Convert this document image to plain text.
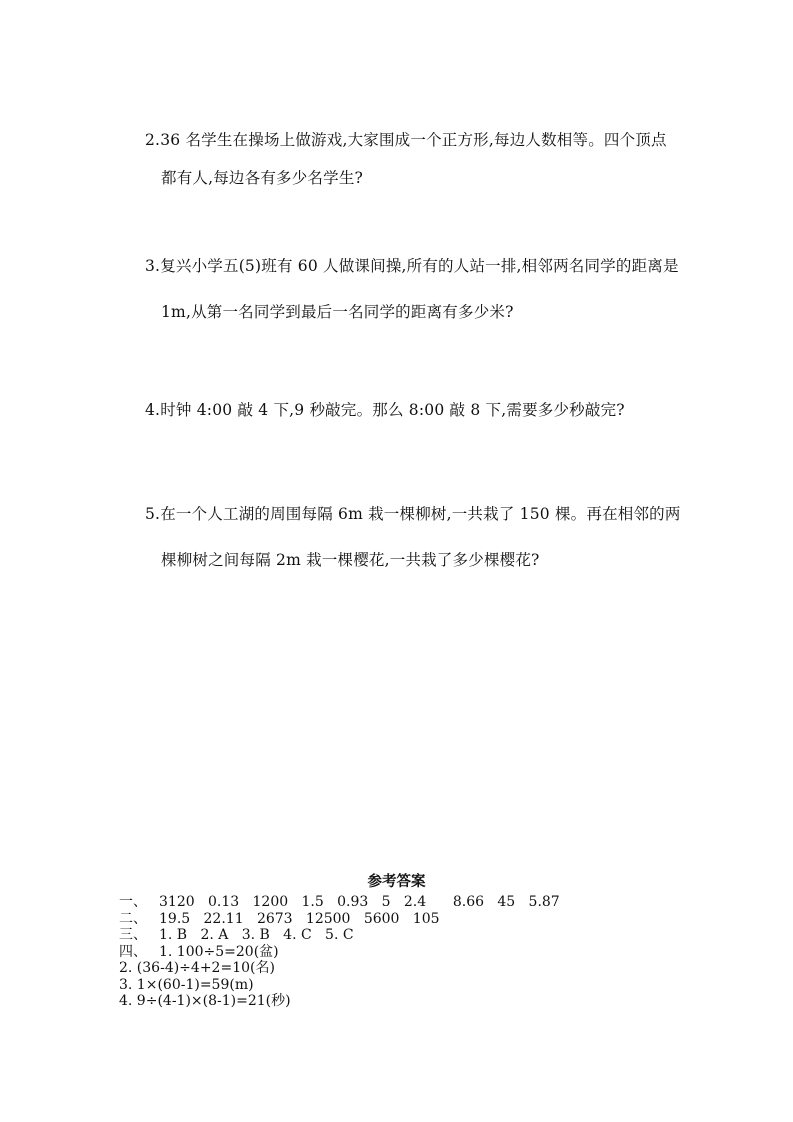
2.36 名学生在操场上做游戏,大家围成一个正方形,每边人数相等。四个顶点
都有人,每边各有多少名学生?
3.复兴小学五(5)班有 60 人做课间操,所有的人站一排,相邻两名同学的距离是
1m,从第一名同学到最后一名同学的距离有多少米?
4.时钟 4:00 敲 4 下,9 秒敲完。那么 8:00 敲 8 下,需要多少秒敲完?
5.在一个人工湖的周围每隔 6m 栽一棵柳树,一共栽了 150 棵。再在相邻的两
棵柳树之间每隔 2m 栽一棵樱花,一共栽了多少棵樱花?
参考答案
一、 3120   0.13   1200   1.5   0.93   5   2.4      8.66   45   5.87
二、 19.5   22.11   2673   12500   5600   105
三、 1. B   2. A   3. B   4. C   5. C
四、 1. 100÷5=20(盆)
2. (36-4)÷4+2=10(名)
3. 1×(60-1)=59(m)
4. 9÷(4-1)×(8-1)=21(秒)
